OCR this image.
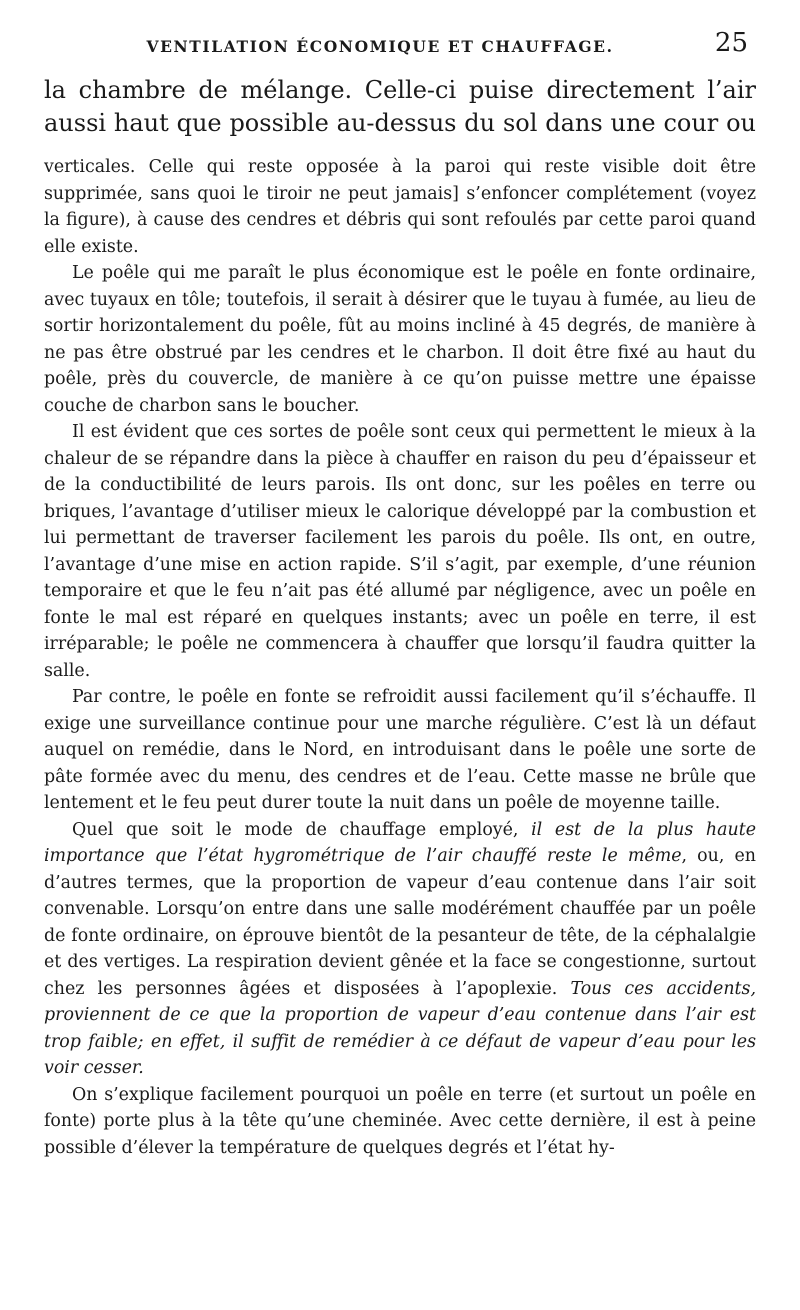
VENTILATION ÉCONOMIQUE ET CHAUFFAGE.	25

la chambre de mélange. Celle-ci puise directement l’air

aussi haut que possible au-dessus du sol dans une cour ou

verticales. Celle qui reste opposée à la paroi qui reste visible doit être supprimée, sans quoi le tiroir ne peut jamais] s’enfoncer complétement (voyez la figure), à cause des cendres et débris qui sont refoulés par cette paroi quand elle existe.

Le poêle qui me paraît le plus économique est le poêle en fonte ordinaire, avec tuyaux en tôle; toutefois, il serait à désirer que le tuyau à fumée, au lieu de sortir horizontalement du poêle, fût au moins incliné à 45 degrés, de manière à ne pas être obstrué par les cendres et le charbon. Il doit être fixé au haut du poêle, près du couvercle, de manière à ce qu’on puisse mettre une épaisse couche de charbon sans le boucher.

Il est évident que ces sortes de poêle sont ceux qui permettent le mieux à la chaleur de se répandre dans la pièce à chauffer en raison du peu d’épaisseur et de la conductibilité de leurs parois. Ils ont donc, sur les poêles en terre ou briques, l’avantage d’utiliser mieux le calorique développé par la combustion et lui permettant de traverser facilement les parois du poêle. Ils ont, en outre, l’avantage d’une mise en action rapide. S’il s’agit, par exemple, d’une réunion temporaire et que le feu n’ait pas été allumé par négligence, avec un poêle en fonte le mal est réparé en quelques instants; avec un poêle en terre, il est irréparable; le poêle ne commencera à chauffer que lorsqu’il faudra quitter la salle.

Par contre, le poêle en fonte se refroidit aussi facilement qu’il s’échauffe. Il exige une surveillance continue pour une marche régulière. C’est là un défaut auquel on remédie, dans le Nord, en introduisant dans le poêle une sorte de pâte formée avec du menu, des cendres et de l’eau. Cette masse ne brûle que lentement et le feu peut durer toute la nuit dans un poêle de moyenne taille.

Quel que soit le mode de chauffage employé, il est de la plus haute importance que l’état hygrométrique de l’air chauffé reste le même, ou, en d’autres termes, que la proportion de vapeur d’eau contenue dans l’air soit convenable. Lorsqu’on entre dans une salle modérément chauffée par un poêle de fonte ordinaire, on éprouve bientôt de la pesanteur de tête, de la céphalalgie et des vertiges. La respiration devient gênée et la face se congestionne, surtout chez les personnes âgées et disposées à l’apoplexie. Tous ces accidents, proviennent de ce que la proportion de vapeur d’eau contenue dans l’air est trop faible; en effet, il suffit de remédier à ce défaut de vapeur d’eau pour les voir cesser.

On s’explique facilement pourquoi un poêle en terre (et surtout un poêle en fonte) porte plus à la tête qu’une cheminée. Avec cette dernière, il est à peine possible d’élever la température de quelques degrés et l’état hy-
